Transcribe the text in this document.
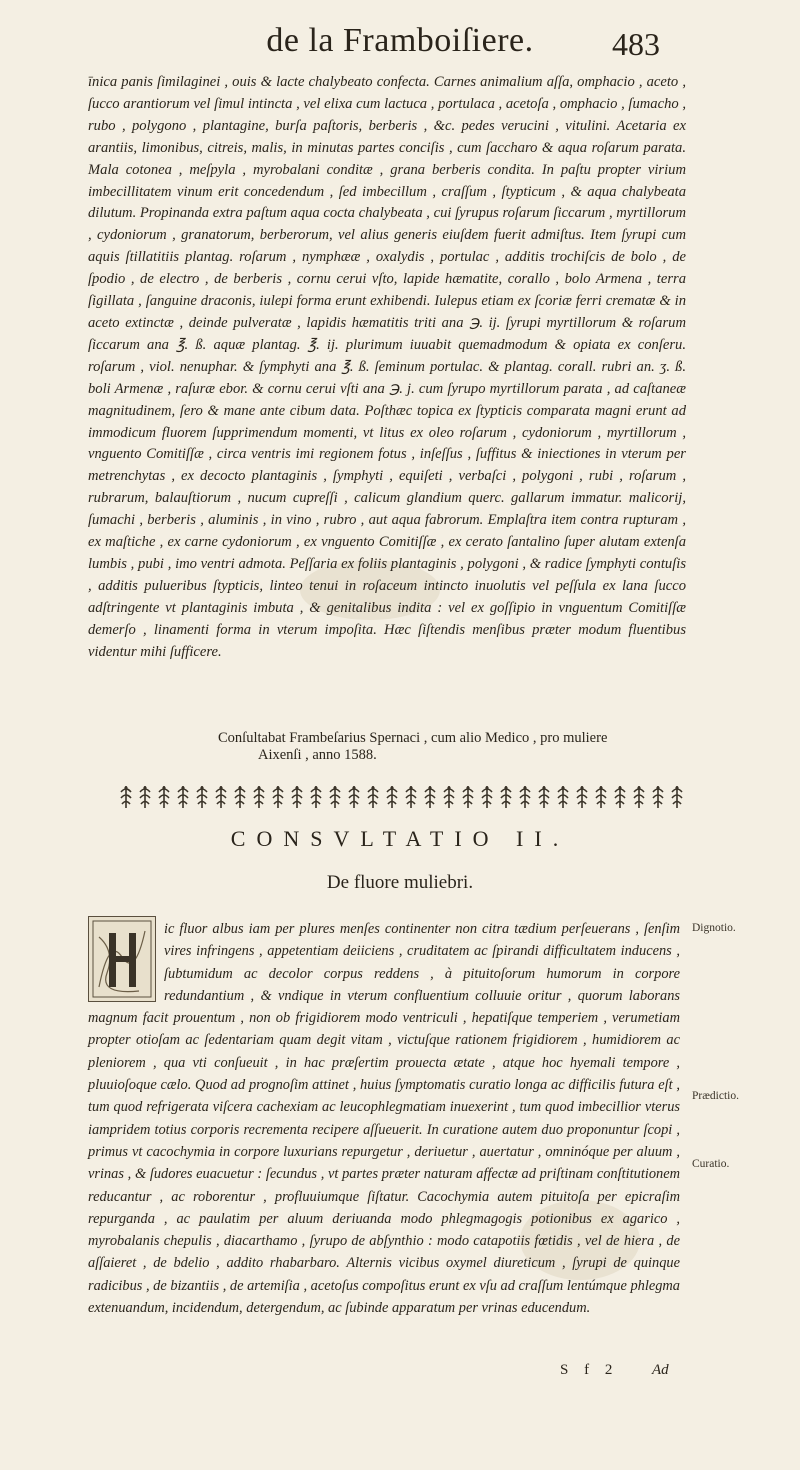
de la Framboiſiere.	483

īnica panis ſimilaginei , ouis & lacte chalybeato confecta. Carnes animalium aſſa, omphacio , aceto , ſucco arantiorum vel ſimul intincta , vel elixa cum lactuca , portulaca , acetoſa , omphacio , ſumacho , rubo , polygono , plantagine, burſa paſtoris, berberis , &c. pedes verucini , vitulini. Acetaria ex arantiis, limonibus, citreis, malis, in minutas partes conciſis , cum ſaccharo & aqua roſarum parata. Mala cotonea , meſpyla , myrobalani conditæ , grana berberis condita. In paſtu propter virium imbecillitatem vinum erit concedendum , ſed imbecillum , craſſum , ſtypticum , & aqua chalybeata dilutum. Propinanda extra paſtum aqua cocta chalybeata , cui ſyrupus roſarum ſiccarum , myrtillorum , cydoniorum , granatorum, berberorum, vel alius generis eiuſdem fuerit admiſtus. Item ſyrupi cum aquis ſtillatitiis plantag. roſarum , nymphææ , oxalydis , portulac , additis trochiſcis de bolo , de ſpodio , de electro , de berberis , cornu cerui vſto, lapide hæmatite, corallo , bolo Armena , terra ſigillata , ſanguine draconis, iulepi forma erunt exhibendi. Iulepus etiam ex ſcoriæ ferri crematæ & in aceto extinctæ , deinde pulveratæ , lapidis hæmatitis triti ana ℈. ij. ſyrupi myrtillorum & roſarum ſiccarum ana ℥. ß. aquæ plantag. ℥. ij. plurimum iuuabit quemadmodum & opiata ex conſeru. roſarum , viol. nenuphar. & ſymphyti ana ℥. ß. ſeminum portulac. & plantag. corall. rubri an. ʒ. ß. boli Armenæ , raſuræ ebor. & cornu cerui vſti ana ℈. j. cum ſyrupo myrtillorum parata , ad caſtaneæ magnitudinem, ſero & mane ante cibum data. Poſthæc topica ex ſtypticis comparata magni erunt ad immodicum fluorem ſupprimendum momenti, vt litus ex oleo roſarum , cydoniorum , myrtillorum , vnguento Comitiſſæ , circa ventris imi regionem fotus , inſeſſus , ſuffitus & iniectiones in vterum per metrenchytas , ex decocto plantaginis , ſymphyti , equiſeti , verbaſci , polygoni , rubi , roſarum , rubrarum, balauſtiorum , nucum cupreſſi , calicum glandium querc. gallarum immatur. malicorij, ſumachi , berberis , aluminis , in vino , rubro , aut aqua fabrorum. Emplaſtra item contra rupturam , ex maſtiche , ex carne cydoniorum , ex vnguento Comitiſſæ , ex cerato ſantalino ſuper alutam extenſa lumbis , pubi , imo ventri admota. Peſſaria ex foliis plantaginis , polygoni , & radice ſymphyti contuſis , additis pulueribus ſtypticis, linteo tenui in roſaceum intincto inuolutis vel peſſula ex lana ſucco adſtringente vt plantaginis imbuta , & genitalibus indita : vel ex goſſipio in vnguentum Comitiſſæ demerſo , linamenti forma in vterum impoſita. Hæc ſiſtendis menſibus præter modum fluentibus videntur mihi ſufficere.

Conſultabat Frambeſarius Spernaci , cum alio Medico , pro muliere

Aixenſi , anno 1588.

CONSVLTATIO II.
De fluore muliebri.

ic fluor albus iam per plures menſes continenter non citra tædium perſeuerans , ſenſim vires infringens , appetentiam deiiciens , cruditatem ac ſpirandi difficultatem inducens , ſubtumidum ac decolor corpus reddens , à pituitoſorum humorum in corpore redundantium , & vndique in vterum confluentium colluuie oritur , quorum laborans magnum facit prouentum , non ob frigidiorem modo ventriculi , hepatiſque temperiem , verumetiam propter otioſam ac ſedentariam quam degit vitam , victuſque rationem frigidiorem , humidiorem ac pleniorem , qua vti conſueuit , in hac præſertim prouecta ætate , atque hoc hyemali tempore , pluuioſoque cælo. Quod ad prognoſim attinet , huius ſymptomatis curatio longa ac difficilis futura eſt , tum quod refrigerata viſcera cachexiam ac leucophlegmatiam inuexerint , tum quod imbecillior vterus iampridem totius corporis recrementa recipere aſſueuerit. In curatione autem duo proponuntur ſcopi , primus vt cacochymia in corpore luxurians repurgetur , deriuetur , auertatur , omninóque per aluum , vrinas , & ſudores euacuetur : ſecundus , vt partes præter naturam affectæ ad priſtinam conſtitutionem reducantur , ac roborentur , profluuiumque ſiſtatur. Cacochymia autem pituitoſa per epicraſim repurganda , ac paulatim per aluum deriuanda modo phlegmagogis potionibus ex agarico , myrobalanis chepulis , diacarthamo , ſyrupo de abſynthio : modo catapotiis fœtidis , vel de hiera , de aſſaieret , de bdelio , addito rhabarbaro. Alternis vicibus oxymel diureticum , ſyrupi de quinque radicibus , de bizantiis , de artemiſia , acetoſus compoſitus erunt ex vſu ad craſſum lentúmque phlegma extenuandum, incidendum, detergendum, ac ſubinde apparatum per vrinas educendum.

Dignotio.
Prædictio.
Curatio.
S f 2 Ad
